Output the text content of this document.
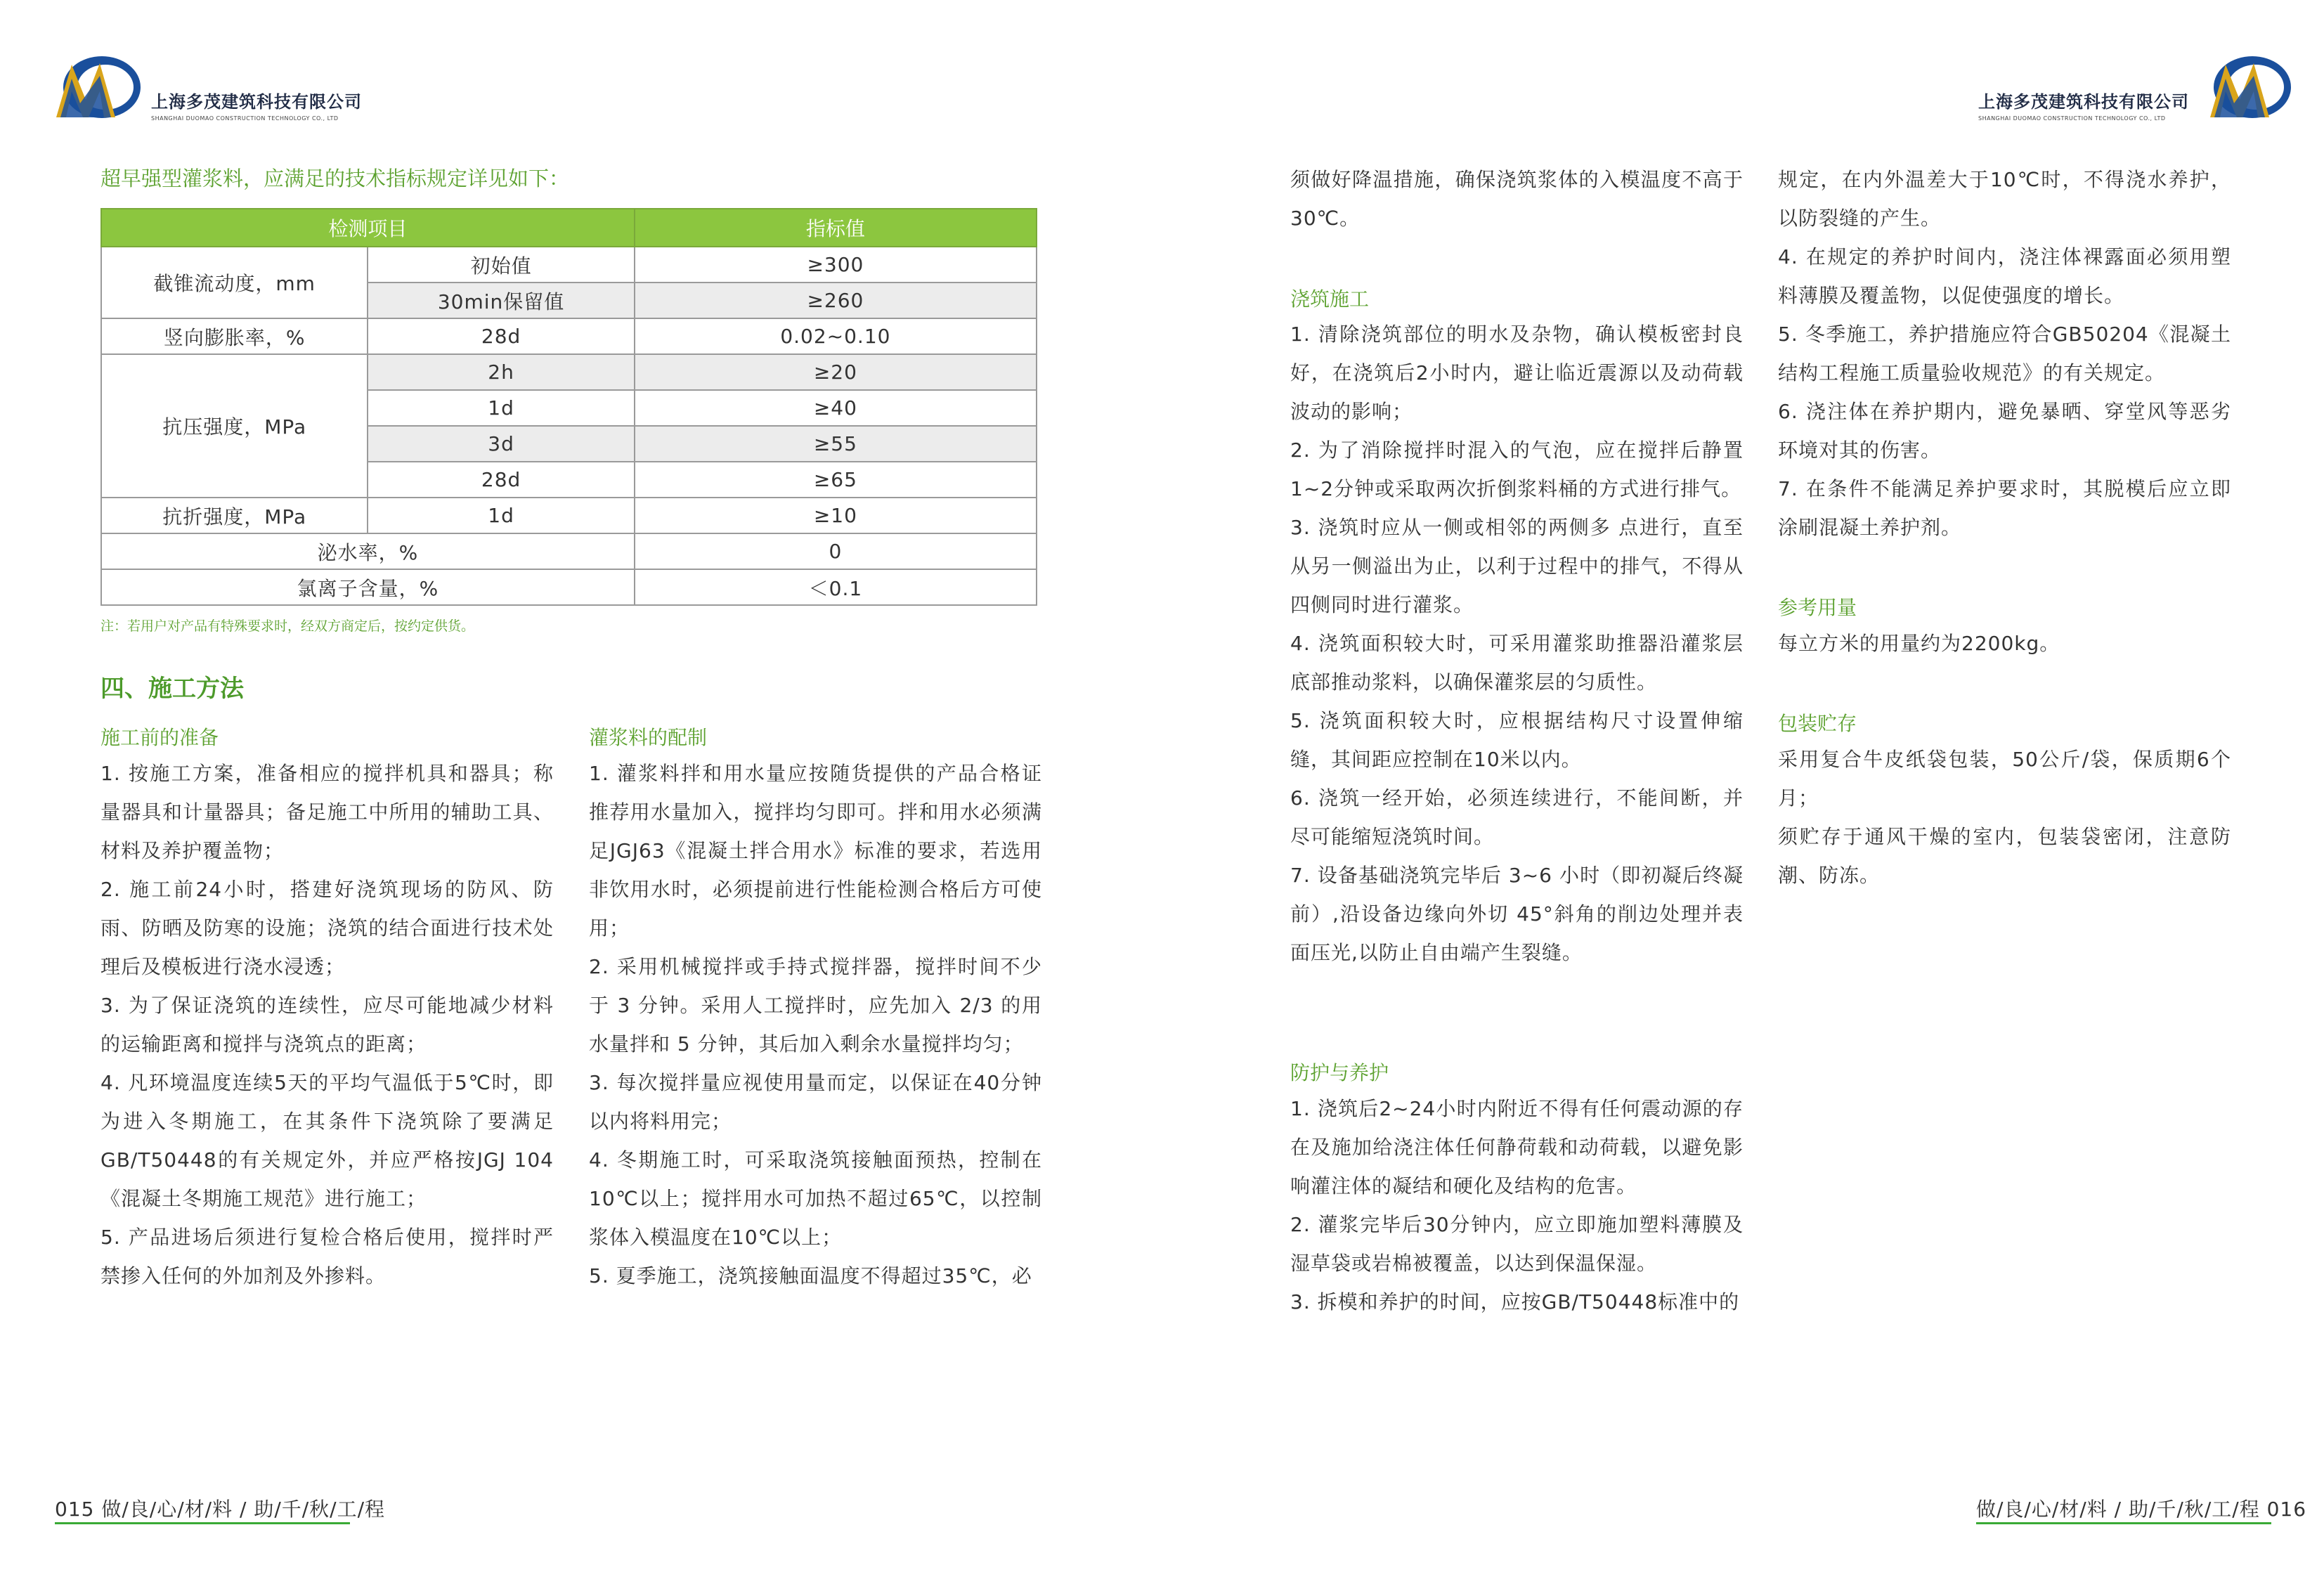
上海多茂建筑科技有限公司
SHANGHAI DUOMAO CONSTRUCTION TECHNOLOGY CO., LTD
上海多茂建筑科技有限公司
SHANGHAI DUOMAO CONSTRUCTION TECHNOLOGY CO., LTD
超早强型灌浆料，应满足的技术指标规定详见如下：
检测项目		指标值
截锥流动度，mm	初始值	≥300
	30min保留值	≥260
竖向膨胀率，%	28d	0.02~0.10
抗压强度，MPa	2h	≥20
	1d	≥40
	3d	≥55
	28d	≥65
抗折强度，MPa	1d	≥10
泌水率，%		0
氯离子含量，%		＜0.1
注：若用户对产品有特殊要求时，经双方商定后，按约定供货。
四、施工方法
施工前的准备

1. 按施工方案，准备相应的搅拌机具和器具；称量器具和计量器具；备足施工中所用的辅助工具、材料及养护覆盖物；

2. 施工前24小时，搭建好浇筑现场的防风、防雨、防晒及防寒的设施；浇筑的结合面进行技术处理后及模板进行浇水浸透；

3. 为了保证浇筑的连续性，应尽可能地减少材料的运输距离和搅拌与浇筑点的距离；

4. 凡环境温度连续5天的平均气温低于5℃时，即为进入冬期施工，在其条件下浇筑除了要满足GB/T50448的有关规定外，并应严格按JGJ 104《混凝土冬期施工规范》进行施工；

5. 产品进场后须进行复检合格后使用，搅拌时严禁掺入任何的外加剂及外掺料。

灌浆料的配制

1. 灌浆料拌和用水量应按随货提供的产品合格证推荐用水量加入，搅拌均匀即可。拌和用水必须满足JGJ63《混凝土拌合用水》标准的要求，若选用非饮用水时，必须提前进行性能检测合格后方可使用；

2. 采用机械搅拌或手持式搅拌器，搅拌时间不少于 3 分钟。采用人工搅拌时，应先加入 2/3 的用水量拌和 5 分钟，其后加入剩余水量搅拌均匀；

3. 每次搅拌量应视使用量而定，以保证在40分钟以内将料用完；

4. 冬期施工时，可采取浇筑接触面预热，控制在10℃以上；搅拌用水可加热不超过65℃，以控制浆体入模温度在10℃以上；

5. 夏季施工，浇筑接触面温度不得超过35℃，必

须做好降温措施，确保浇筑浆体的入模温度不高于30℃。

浇筑施工

1. 清除浇筑部位的明水及杂物，确认模板密封良好，在浇筑后2小时内，避让临近震源以及动荷载波动的影响；

2. 为了消除搅拌时混入的气泡，应在搅拌后静置1~2分钟或采取两次折倒浆料桶的方式进行排气。

3. 浇筑时应从一侧或相邻的两侧多 点进行，直至从另一侧溢出为止，以利于过程中的排气，不得从四侧同时进行灌浆。

4. 浇筑面积较大时，可采用灌浆助推器沿灌浆层底部推动浆料，以确保灌浆层的匀质性。

5. 浇筑面积较大时，应根据结构尺寸设置伸缩缝，其间距应控制在10米以内。

6. 浇筑一经开始，必须连续进行，不能间断，并尽可能缩短浇筑时间。

7. 设备基础浇筑完毕后 3~6 小时（即初凝后终凝前）,沿设备边缘向外切 45°斜角的削边处理并表面压光,以防止自由端产生裂缝。

防护与养护

1. 浇筑后2~24小时内附近不得有任何震动源的存在及施加给浇注体任何静荷载和动荷载，以避免影响灌注体的凝结和硬化及结构的危害。

2. 灌浆完毕后30分钟内，应立即施加塑料薄膜及湿草袋或岩棉被覆盖，以达到保温保湿。

3. 拆模和养护的时间，应按GB/T50448标准中的

规定，在内外温差大于10℃时，不得浇水养护，以防裂缝的产生。

4. 在规定的养护时间内，浇注体裸露面必须用塑料薄膜及覆盖物，以促使强度的增长。

5. 冬季施工，养护措施应符合GB50204《混凝土结构工程施工质量验收规范》的有关规定。

6. 浇注体在养护期内，避免暴晒、穿堂风等恶劣环境对其的伤害。

7. 在条件不能满足养护要求时，其脱模后应立即涂刷混凝土养护剂。

参考用量

每立方米的用量约为2200kg。

包装贮存

采用复合牛皮纸袋包装，50公斤/袋，保质期6个月；

须贮存于通风干燥的室内，包装袋密闭，注意防潮、防冻。

015 做/良/心/材/料 / 助/千/秋/工/程	做/良/心/材/料 / 助/千/秋/工/程 016
